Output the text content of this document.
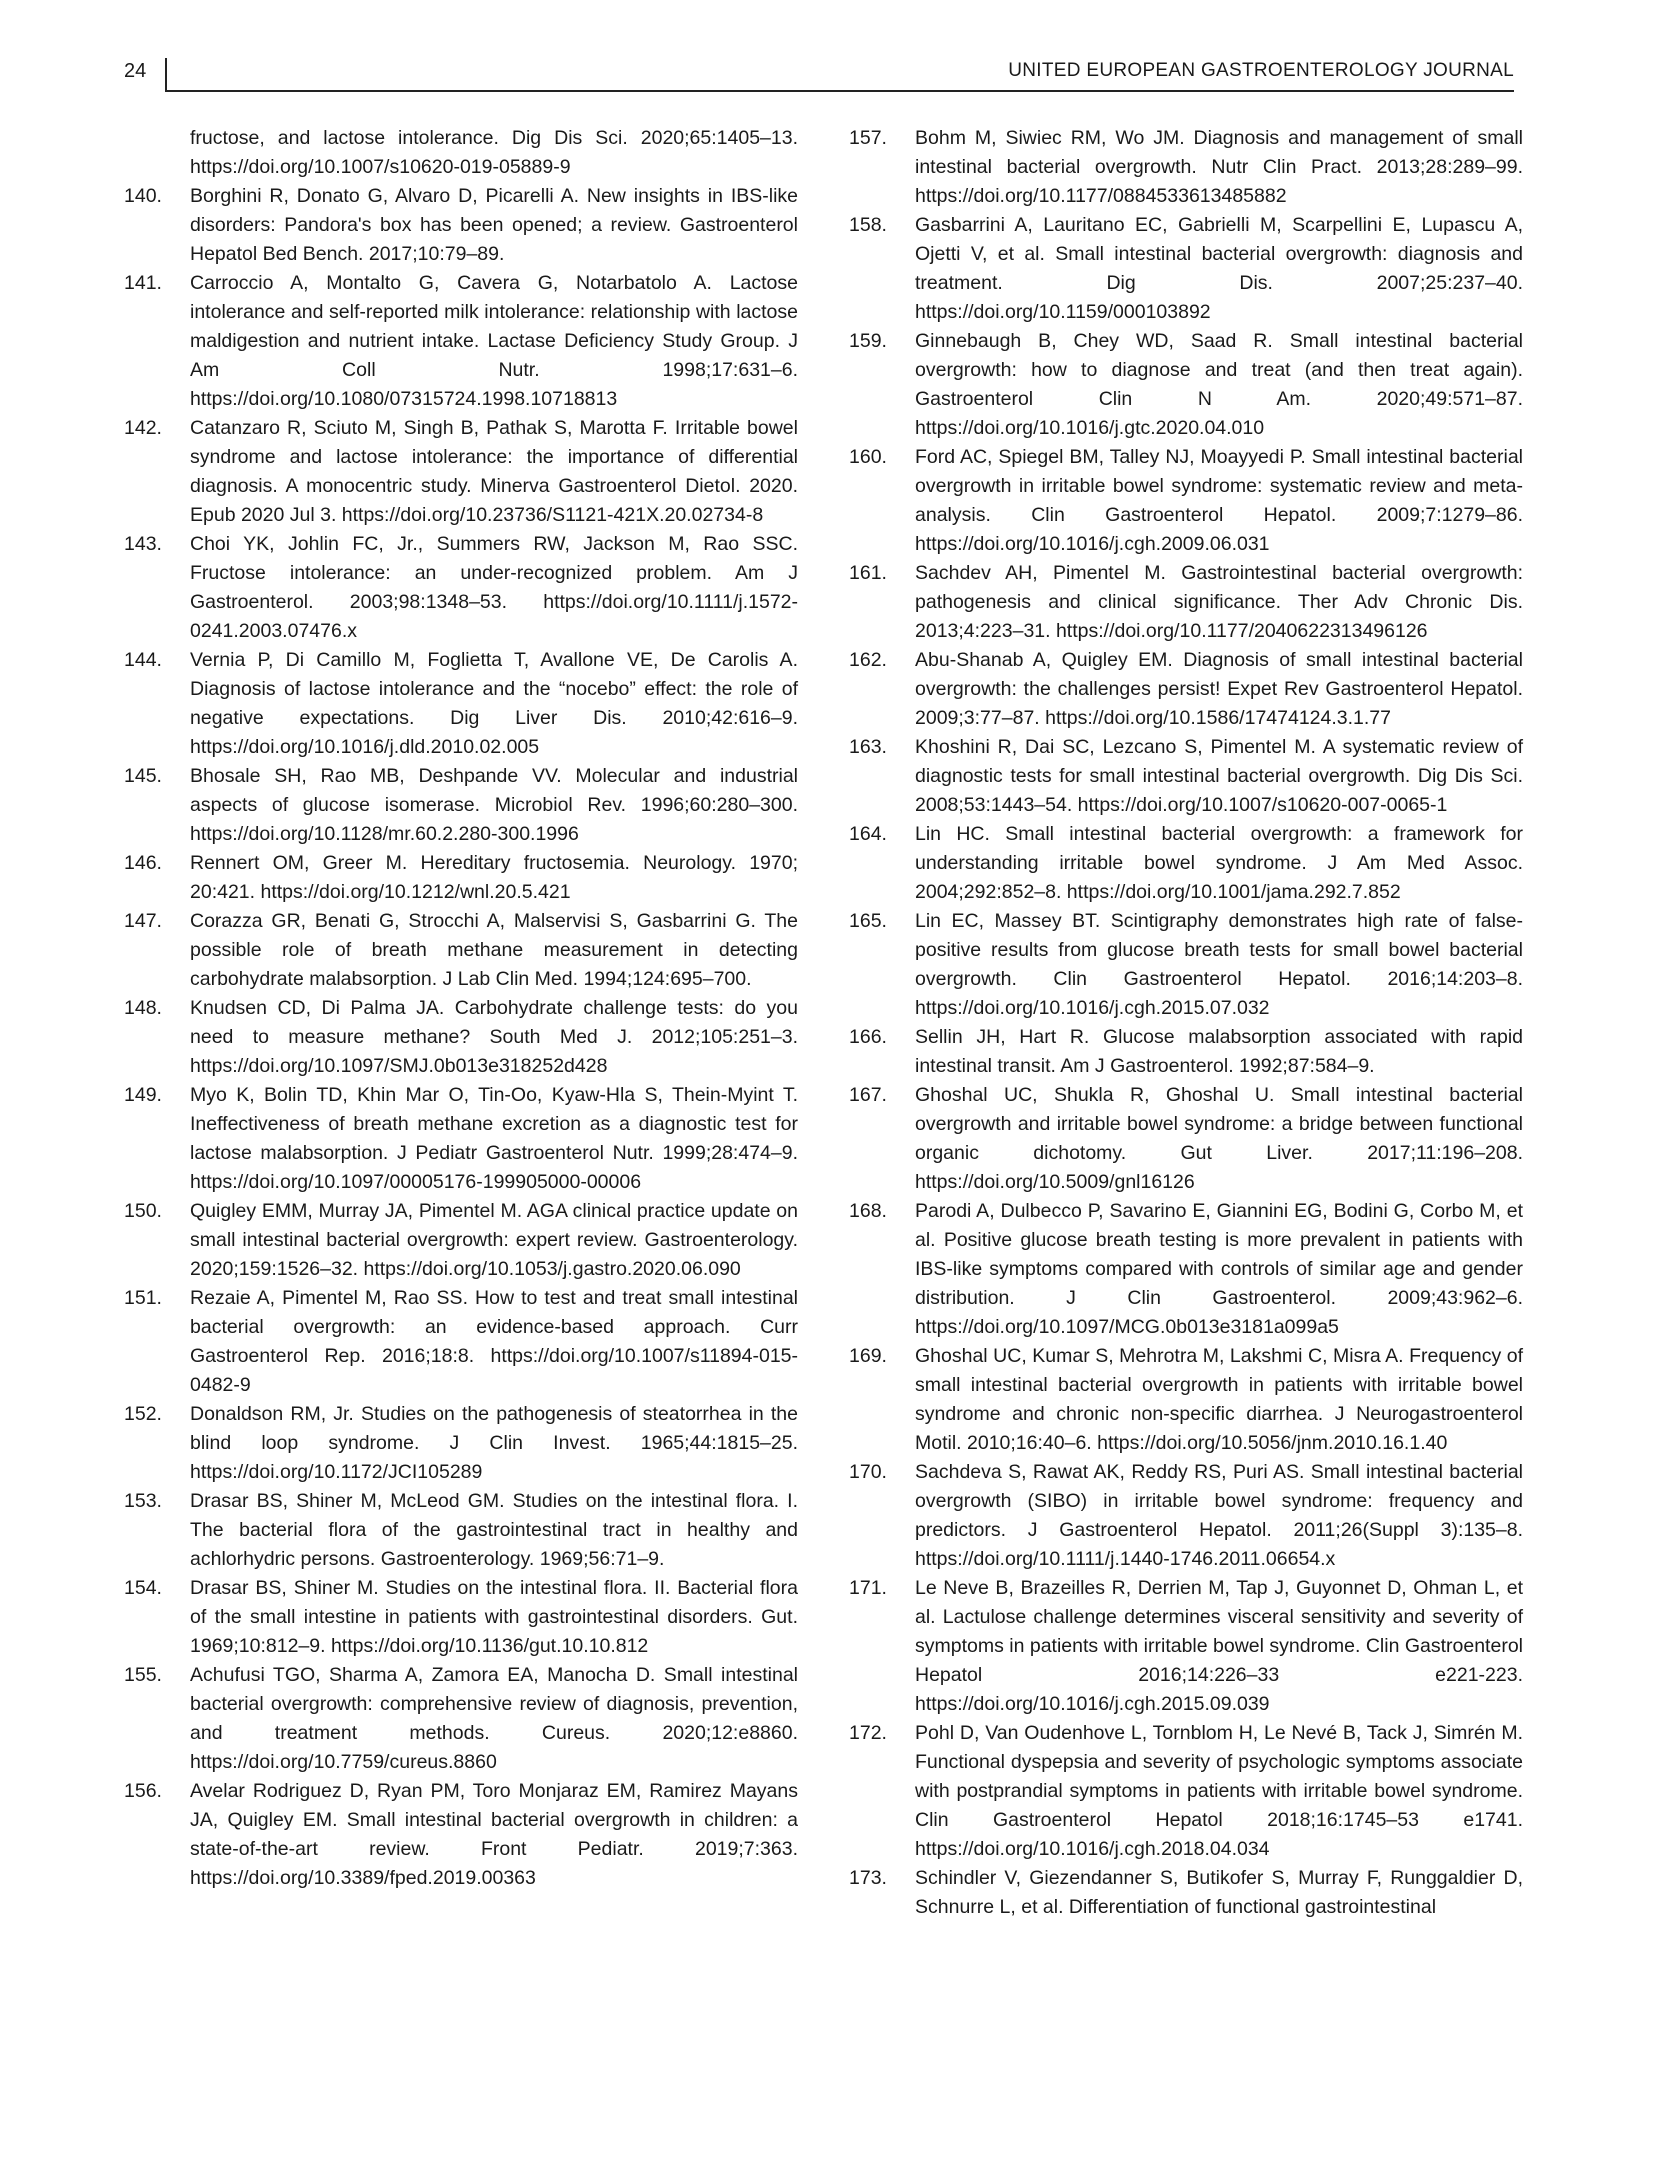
24	UNITED EUROPEAN GASTROENTEROLOGY JOURNAL

fructose, and lactose intolerance. Dig Dis Sci. 2020;65:1405–13. https://doi.org/10.1007/s10620-019-05889-9

140. Borghini R, Donato G, Alvaro D, Picarelli A. New insights in IBS-like disorders: Pandora's box has been opened; a review. Gastroenterol Hepatol Bed Bench. 2017;10:79–89.

141. Carroccio A, Montalto G, Cavera G, Notarbatolo A. Lactose intolerance and self-reported milk intolerance: relationship with lactose maldigestion and nutrient intake. Lactase Deficiency Study Group. J Am Coll Nutr. 1998;17:631–6. https://doi.org/10.1080/07315724.1998.10718813

142. Catanzaro R, Sciuto M, Singh B, Pathak S, Marotta F. Irritable bowel syndrome and lactose intolerance: the importance of differential diagnosis. A monocentric study. Minerva Gastroenterol Dietol. 2020. Epub 2020 Jul 3. https://doi.org/10.23736/S1121-421X.20.02734-8

143. Choi YK, Johlin FC, Jr., Summers RW, Jackson M, Rao SSC. Fructose intolerance: an under-recognized problem. Am J Gastroenterol. 2003;98:1348–53. https://doi.org/10.1111/j.1572-0241.2003.07476.x

144. Vernia P, Di Camillo M, Foglietta T, Avallone VE, De Carolis A. Diagnosis of lactose intolerance and the “nocebo” effect: the role of negative expectations. Dig Liver Dis. 2010;42:616–9. https://doi.org/10.1016/j.dld.2010.02.005

145. Bhosale SH, Rao MB, Deshpande VV. Molecular and industrial aspects of glucose isomerase. Microbiol Rev. 1996;60:280–300. https://doi.org/10.1128/mr.60.2.280-300.1996

146. Rennert OM, Greer M. Hereditary fructosemia. Neurology. 1970; 20:421. https://doi.org/10.1212/wnl.20.5.421

147. Corazza GR, Benati G, Strocchi A, Malservisi S, Gasbarrini G. The possible role of breath methane measurement in detecting carbohydrate malabsorption. J Lab Clin Med. 1994;124:695–700.

148. Knudsen CD, Di Palma JA. Carbohydrate challenge tests: do you need to measure methane? South Med J. 2012;105:251–3. https://doi.org/10.1097/SMJ.0b013e318252d428

149. Myo K, Bolin TD, Khin Mar O, Tin-Oo, Kyaw-Hla S, Thein-Myint T. Ineffectiveness of breath methane excretion as a diagnostic test for lactose malabsorption. J Pediatr Gastroenterol Nutr. 1999;28:474–9. https://doi.org/10.1097/00005176-199905000-00006

150. Quigley EMM, Murray JA, Pimentel M. AGA clinical practice update on small intestinal bacterial overgrowth: expert review. Gastroenterology. 2020;159:1526–32. https://doi.org/10.1053/j.gastro.2020.06.090

151. Rezaie A, Pimentel M, Rao SS. How to test and treat small intestinal bacterial overgrowth: an evidence-based approach. Curr Gastroenterol Rep. 2016;18:8. https://doi.org/10.1007/s11894-015-0482-9

152. Donaldson RM, Jr. Studies on the pathogenesis of steatorrhea in the blind loop syndrome. J Clin Invest. 1965;44:1815–25. https://doi.org/10.1172/JCI105289

153. Drasar BS, Shiner M, McLeod GM. Studies on the intestinal flora. I. The bacterial flora of the gastrointestinal tract in healthy and achlorhydric persons. Gastroenterology. 1969;56:71–9.

154. Drasar BS, Shiner M. Studies on the intestinal flora. II. Bacterial flora of the small intestine in patients with gastrointestinal disorders. Gut. 1969;10:812–9. https://doi.org/10.1136/gut.10.10.812

155. Achufusi TGO, Sharma A, Zamora EA, Manocha D. Small intestinal bacterial overgrowth: comprehensive review of diagnosis, prevention, and treatment methods. Cureus. 2020;12:e8860. https://doi.org/10.7759/cureus.8860

156. Avelar Rodriguez D, Ryan PM, Toro Monjaraz EM, Ramirez Mayans JA, Quigley EM. Small intestinal bacterial overgrowth in children: a state-of-the-art review. Front Pediatr. 2019;7:363. https://doi.org/10.3389/fped.2019.00363

157. Bohm M, Siwiec RM, Wo JM. Diagnosis and management of small intestinal bacterial overgrowth. Nutr Clin Pract. 2013;28:289–99. https://doi.org/10.1177/0884533613485882

158. Gasbarrini A, Lauritano EC, Gabrielli M, Scarpellini E, Lupascu A, Ojetti V, et al. Small intestinal bacterial overgrowth: diagnosis and treatment. Dig Dis. 2007;25:237–40. https://doi.org/10.1159/000103892

159. Ginnebaugh B, Chey WD, Saad R. Small intestinal bacterial overgrowth: how to diagnose and treat (and then treat again). Gastroenterol Clin N Am. 2020;49:571–87. https://doi.org/10.1016/j.gtc.2020.04.010

160. Ford AC, Spiegel BM, Talley NJ, Moayyedi P. Small intestinal bacterial overgrowth in irritable bowel syndrome: systematic review and meta-analysis. Clin Gastroenterol Hepatol. 2009;7:1279–86. https://doi.org/10.1016/j.cgh.2009.06.031

161. Sachdev AH, Pimentel M. Gastrointestinal bacterial overgrowth: pathogenesis and clinical significance. Ther Adv Chronic Dis. 2013;4:223–31. https://doi.org/10.1177/2040622313496126

162. Abu-Shanab A, Quigley EM. Diagnosis of small intestinal bacterial overgrowth: the challenges persist! Expet Rev Gastroenterol Hepatol. 2009;3:77–87. https://doi.org/10.1586/17474124.3.1.77

163. Khoshini R, Dai SC, Lezcano S, Pimentel M. A systematic review of diagnostic tests for small intestinal bacterial overgrowth. Dig Dis Sci. 2008;53:1443–54. https://doi.org/10.1007/s10620-007-0065-1

164. Lin HC. Small intestinal bacterial overgrowth: a framework for understanding irritable bowel syndrome. J Am Med Assoc. 2004;292:852–8. https://doi.org/10.1001/jama.292.7.852

165. Lin EC, Massey BT. Scintigraphy demonstrates high rate of false-positive results from glucose breath tests for small bowel bacterial overgrowth. Clin Gastroenterol Hepatol. 2016;14:203–8. https://doi.org/10.1016/j.cgh.2015.07.032

166. Sellin JH, Hart R. Glucose malabsorption associated with rapid intestinal transit. Am J Gastroenterol. 1992;87:584–9.

167. Ghoshal UC, Shukla R, Ghoshal U. Small intestinal bacterial overgrowth and irritable bowel syndrome: a bridge between functional organic dichotomy. Gut Liver. 2017;11:196–208. https://doi.org/10.5009/gnl16126

168. Parodi A, Dulbecco P, Savarino E, Giannini EG, Bodini G, Corbo M, et al. Positive glucose breath testing is more prevalent in patients with IBS-like symptoms compared with controls of similar age and gender distribution. J Clin Gastroenterol. 2009;43:962–6. https://doi.org/10.1097/MCG.0b013e3181a099a5

169. Ghoshal UC, Kumar S, Mehrotra M, Lakshmi C, Misra A. Frequency of small intestinal bacterial overgrowth in patients with irritable bowel syndrome and chronic non-specific diarrhea. J Neurogastroenterol Motil. 2010;16:40–6. https://doi.org/10.5056/jnm.2010.16.1.40

170. Sachdeva S, Rawat AK, Reddy RS, Puri AS. Small intestinal bacterial overgrowth (SIBO) in irritable bowel syndrome: frequency and predictors. J Gastroenterol Hepatol. 2011;26(Suppl 3):135–8. https://doi.org/10.1111/j.1440-1746.2011.06654.x

171. Le Neve B, Brazeilles R, Derrien M, Tap J, Guyonnet D, Ohman L, et al. Lactulose challenge determines visceral sensitivity and severity of symptoms in patients with irritable bowel syndrome. Clin Gastroenterol Hepatol 2016;14:226–33 e221-223. https://doi.org/10.1016/j.cgh.2015.09.039

172. Pohl D, Van Oudenhove L, Tornblom H, Le Nevé B, Tack J, Simrén M. Functional dyspepsia and severity of psychologic symptoms associate with postprandial symptoms in patients with irritable bowel syndrome. Clin Gastroenterol Hepatol 2018;16:1745–53 e1741. https://doi.org/10.1016/j.cgh.2018.04.034

173. Schindler V, Giezendanner S, Butikofer S, Murray F, Runggaldier D, Schnurre L, et al. Differentiation of functional gastrointestinal
